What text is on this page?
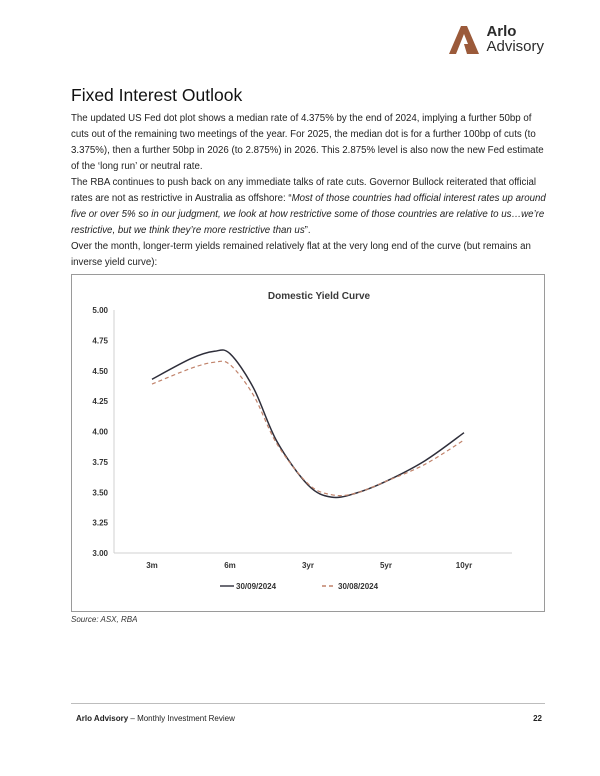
Arlo
Advisory
Fixed Interest Outlook

The updated US Fed dot plot shows a median rate of 4.375% by the end of 2024, implying a further 50bp of cuts out of the remaining two meetings of the year. For 2025, the median dot is for a further 100bp of cuts (to 3.375%), then a further 50bp in 2026 (to 2.875%) in 2026. This 2.875% level is also now the new Fed estimate of the ‘long run’ or neutral rate.

The RBA continues to push back on any immediate talks of rate cuts. Governor Bullock reiterated that official rates are not as restrictive in Australia as offshore: “Most of those countries had official interest rates up around five or over 5% so in our judgment, we look at how restrictive some of those countries are relative to us…we’re restrictive, but we think they’re more restrictive than us”.

Over the month, longer-term yields remained relatively flat at the very long end of the curve (but remains an inverse yield curve):

Domestic Yield Curve
3.00
3.25
3.50
3.75
4.00
4.25
4.50
4.75
5.00
3m	6m	3yr	5yr	10yr
30/09/2024	30/08/2024
Source: ASX, RBA
Arlo Advisory – Monthly Investment Review	22
